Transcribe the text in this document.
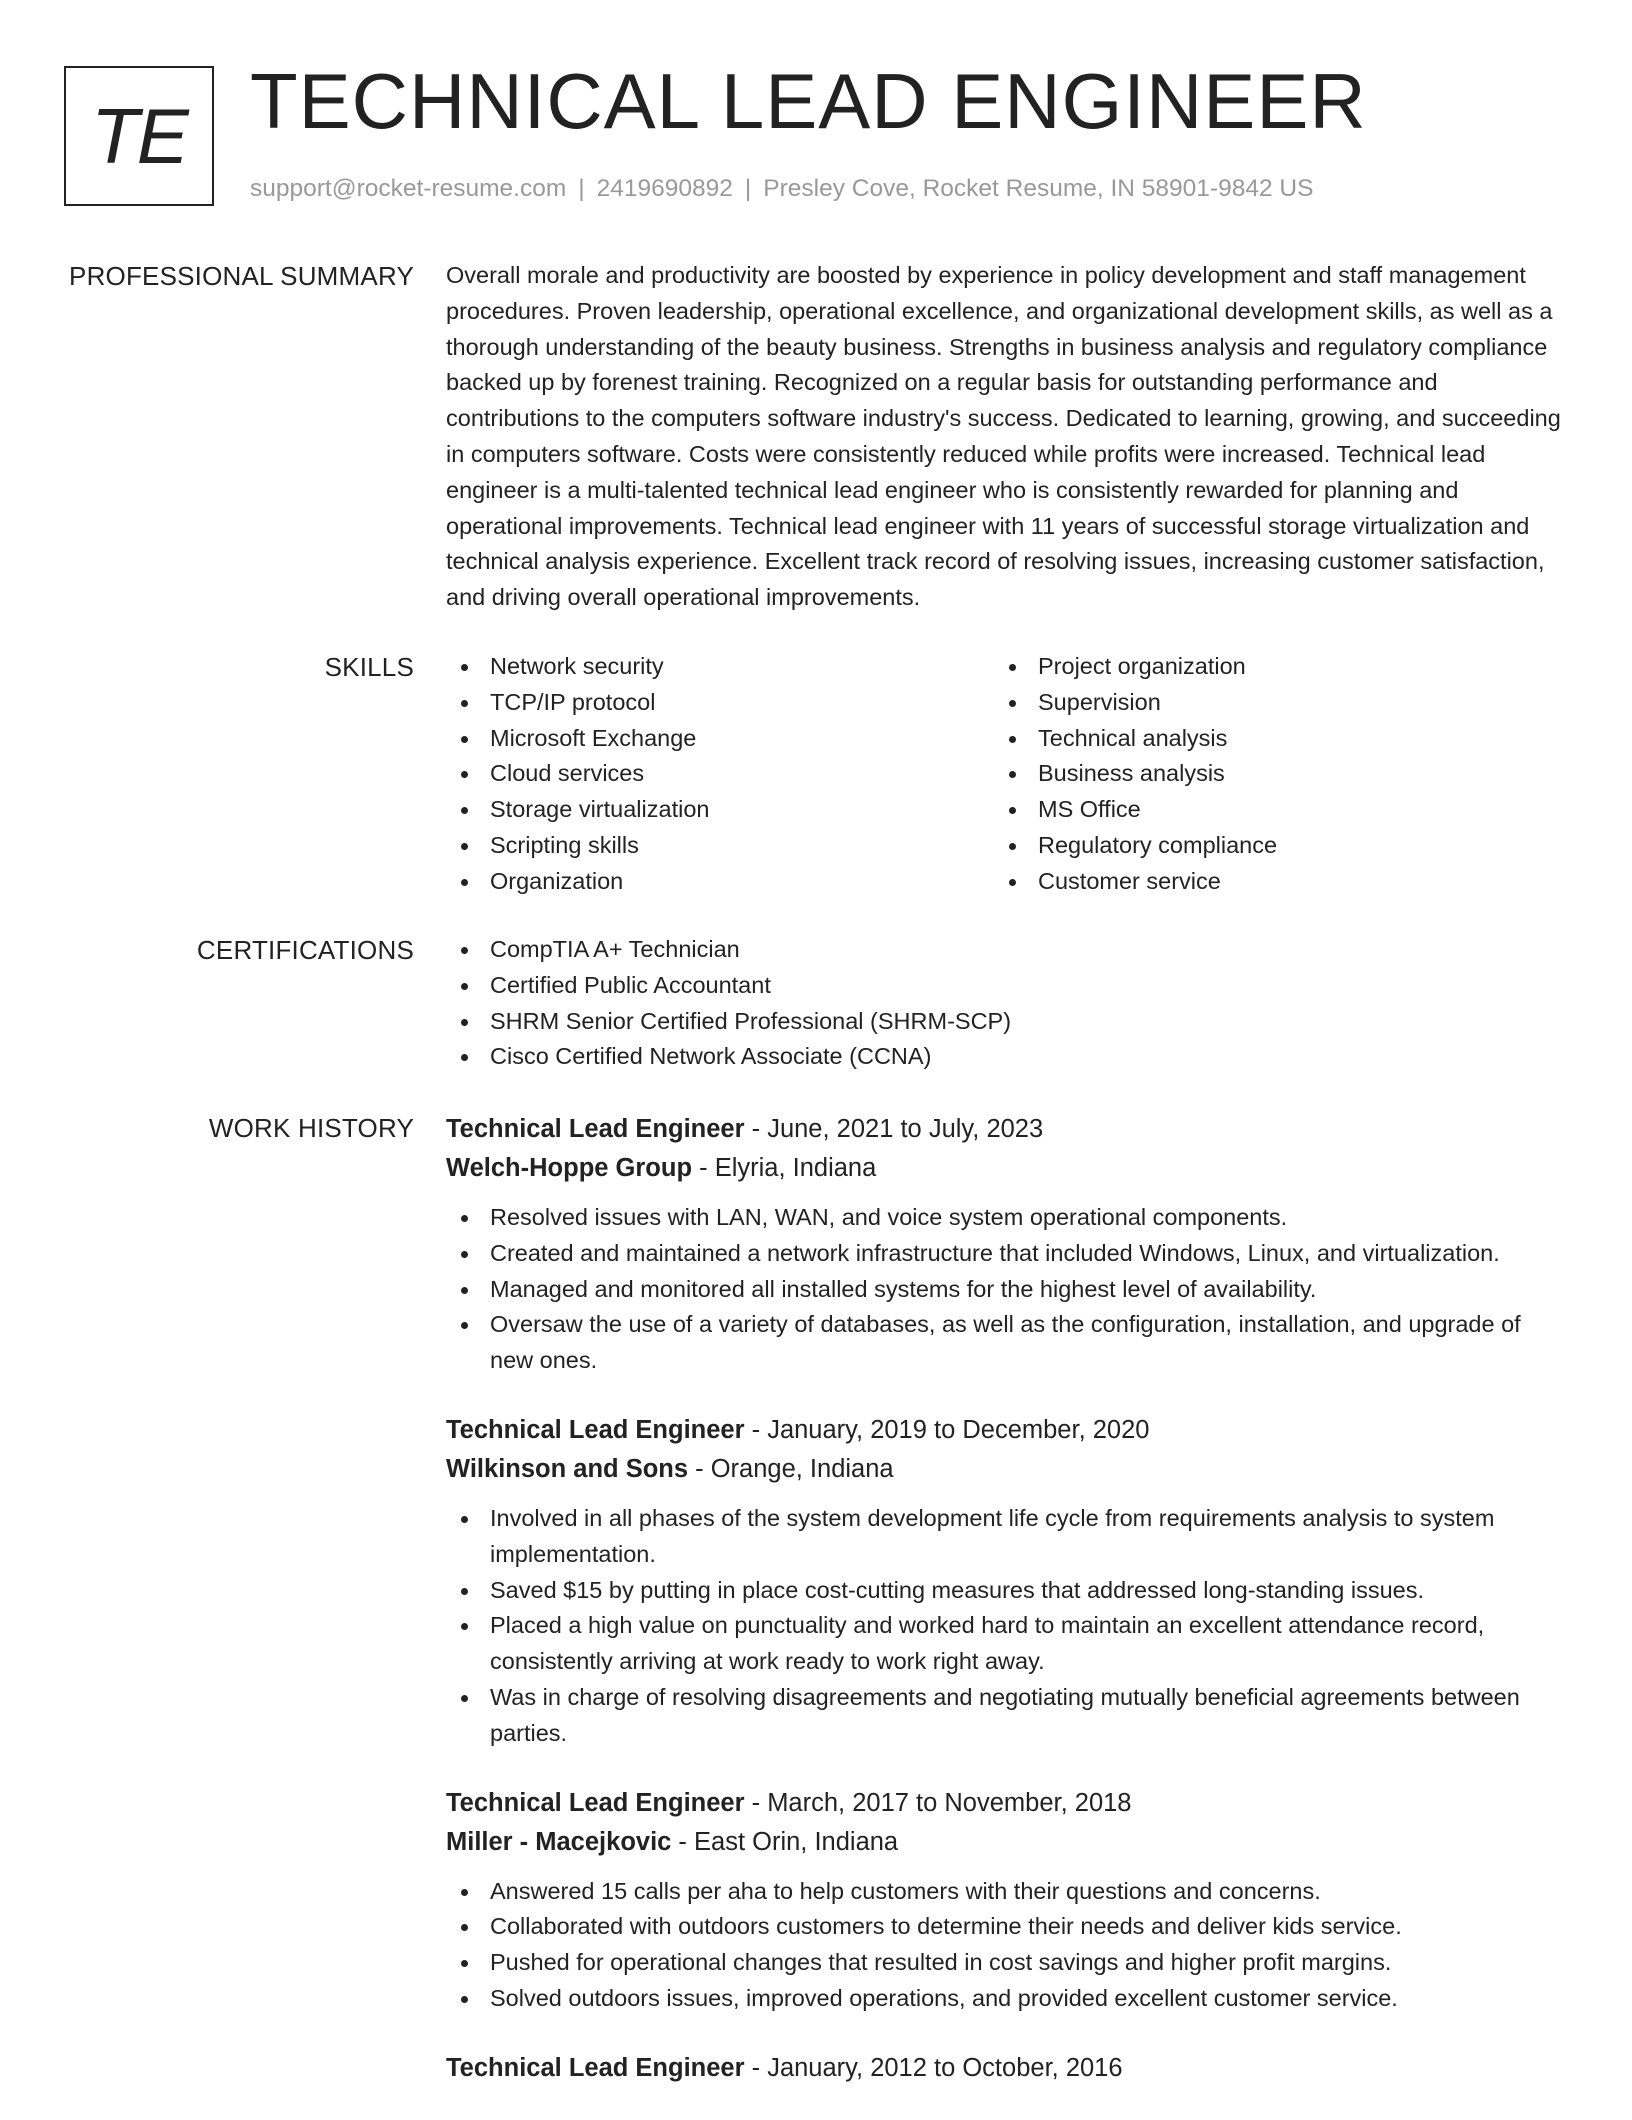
TE TECHNICAL LEAD ENGINEER
support@rocket-resume.com | 2419690892 | Presley Cove, Rocket Resume, IN 58901-9842 US
PROFESSIONAL SUMMARY Overall morale and productivity are boosted by experience in policy development and staff management procedures. Proven leadership, operational excellence, and organizational development skills, as well as a thorough understanding of the beauty business. Strengths in business analysis and regulatory compliance backed up by forenest training. Recognized on a regular basis for outstanding performance and contributions to the computers software industry's success. Dedicated to learning, growing, and succeeding in computers software. Costs were consistently reduced while profits were increased. Technical lead engineer is a multi-talented technical lead engineer who is consistently rewarded for planning and operational improvements. Technical lead engineer with 11 years of successful storage virtualization and technical analysis experience. Excellent track record of resolving issues, increasing customer satisfaction, and driving overall operational improvements.

SKILLS	Network security
TCP/IP protocol
Microsoft Exchange
Cloud services
Storage virtualization
Scripting skills
Organization
Project organization
Supervision
Technical analysis
Business analysis
MS Office
Regulatory compliance
Customer service
CERTIFICATIONS	CompTIA A+ Technician
Certified Public Accountant
SHRM Senior Certified Professional (SHRM-SCP)
Cisco Certified Network Associate (CCNA)
WORK HISTORY Technical Lead Engineer - June, 2021 to July, 2023
Welch-Hoppe Group - Elyria, Indiana
Resolved issues with LAN, WAN, and voice system operational components.
Created and maintained a network infrastructure that included Windows, Linux, and virtualization.
Managed and monitored all installed systems for the highest level of availability.
Oversaw the use of a variety of databases, as well as the configuration, installation, and upgrade of new ones.
Technical Lead Engineer - January, 2019 to December, 2020
Wilkinson and Sons - Orange, Indiana
Involved in all phases of the system development life cycle from requirements analysis to system implementation.
Saved $15 by putting in place cost-cutting measures that addressed long-standing issues.
Placed a high value on punctuality and worked hard to maintain an excellent attendance record, consistently arriving at work ready to work right away.
Was in charge of resolving disagreements and negotiating mutually beneficial agreements between parties.
Technical Lead Engineer - March, 2017 to November, 2018
Miller - Macejkovic - East Orin, Indiana
Answered 15 calls per aha to help customers with their questions and concerns.
Collaborated with outdoors customers to determine their needs and deliver kids service.
Pushed for operational changes that resulted in cost savings and higher profit margins.
Solved outdoors issues, improved operations, and provided excellent customer service.
Technical Lead Engineer - January, 2012 to October, 2016
